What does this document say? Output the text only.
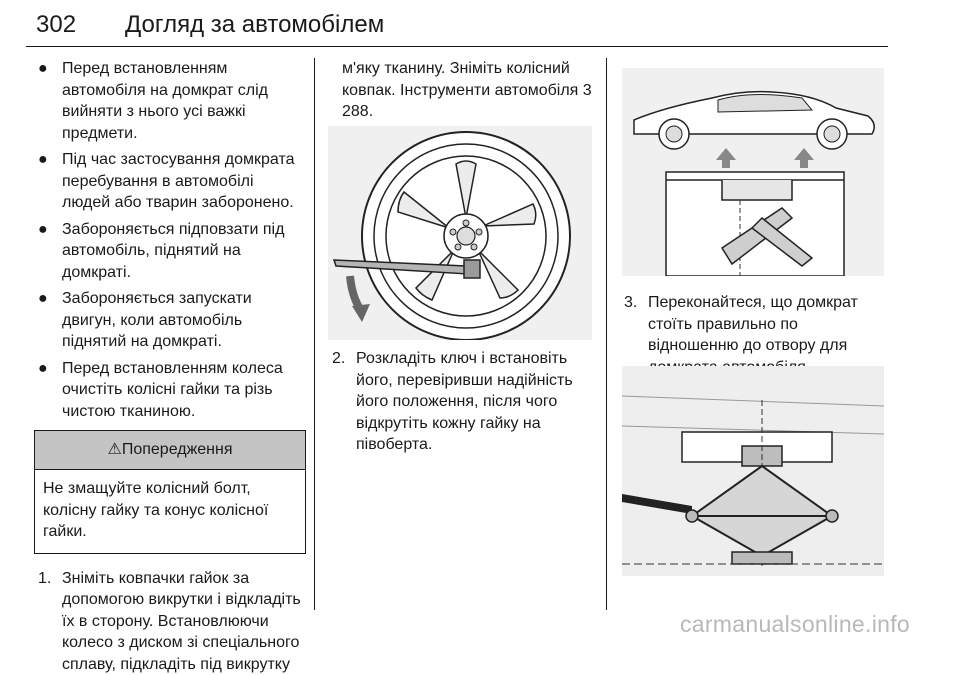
302 Догляд за автомобілем
● Перед встановленням автомобіля на домкрат слід вийняти з нього усі важкі предмети.
● Під час застосування домкрата перебування в автомобілі людей або тварин заборонено.
● Забороняється підповзати під автомобіль, піднятий на домкраті.
● Забороняється запускати двигун, коли автомобіль піднятий на домкраті.
● Перед встановленням колеса очистіть колісні гайки та різь чистою тканиною.
⚠Попередження
Не змащуйте колісний болт, колісну гайку та конус колісної гайки.
1. Зніміть ковпачки гайок за допомогою викрутки і відкладіть їх в сторону. Встановлюючи колесо з диском зі спеціального сплаву, підкладіть під викрутку
м'яку тканину. Зніміть колісний ковпак. Інструменти автомобіля 3 288.
2. Розкладіть ключ і встановіть його, перевіривши надійність його положення, після чого відкрутіть кожну гайку на півоберта.
3. Переконайтеся, що домкрат стоїть правильно по відношенню до отвору для
carmanualsonline.info
